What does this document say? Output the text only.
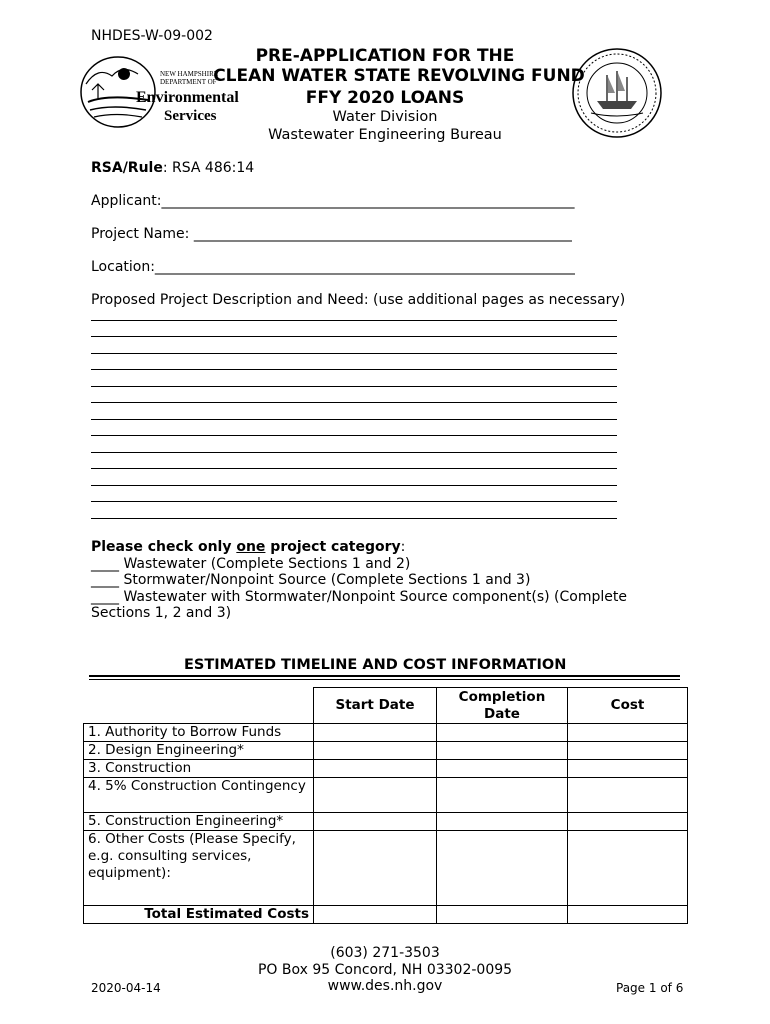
NHDES-W-09-002
NEW HAMPSHIRE
DEPARTMENT OF
Environmental
Services
PRE-APPLICATION FOR THE
CLEAN WATER STATE REVOLVING FUND
FFY 2020 LOANS
Water Division
Wastewater Engineering Bureau
RSA/Rule: RSA 486:14
Applicant:___________________________________________________________
Project Name: ______________________________________________________
Location:____________________________________________________________
Proposed Project Description and Need: (use additional pages as necessary)
Please check only one project category:
____ Wastewater (Complete Sections 1 and 2)
____ Stormwater/Nonpoint Source (Complete Sections 1 and 3)
____ Wastewater with Stormwater/Nonpoint Source component(s) (Complete
Sections 1, 2 and 3)
ESTIMATED TIMELINE AND COST INFORMATION
	Start Date	Completion Date	Cost
1. Authority to Borrow Funds			
2. Design Engineering*			
3. Construction			
4. 5% Construction Contingency			
5. Construction Engineering*			
6. Other Costs (Please Specify, e.g. consulting services, equipment):			
Total Estimated Costs			
(603) 271-3503
PO Box 95 Concord, NH 03302-0095
www.des.nh.gov
2020-04-14	Page 1 of 6
